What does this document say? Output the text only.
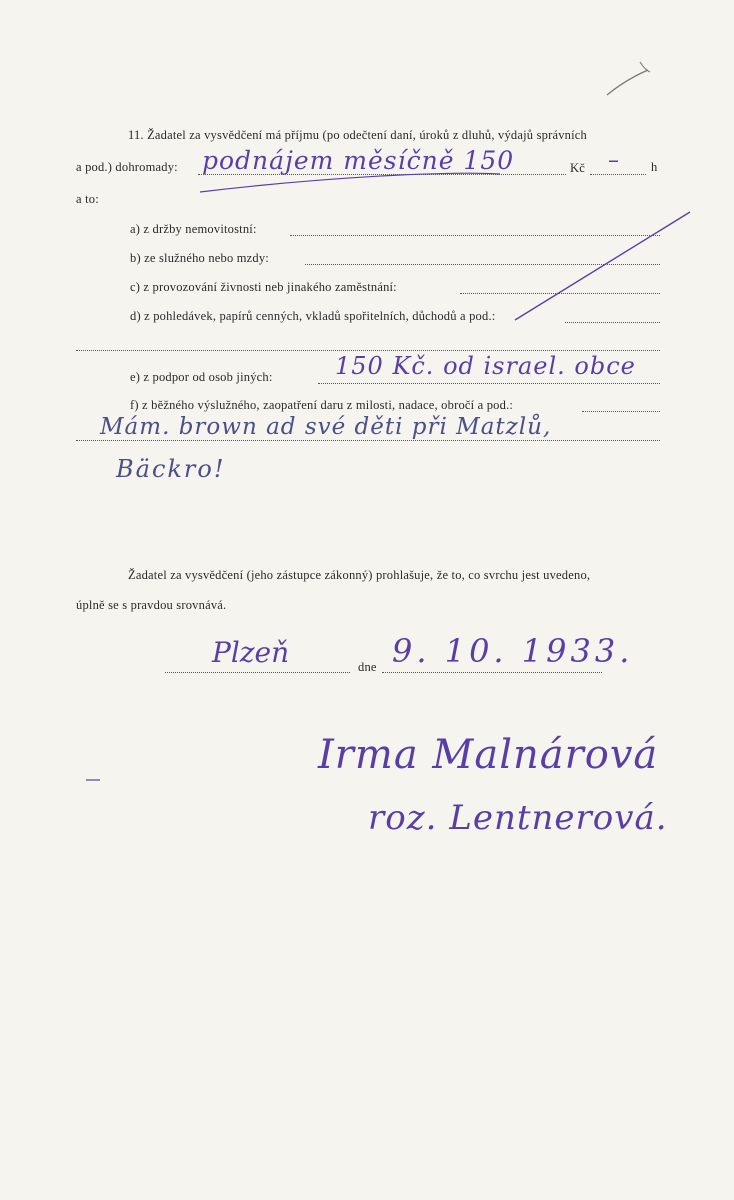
11. Žadatel za vysvědčení má příjmu (po odečtení daní, úroků z dluhů, výdajů správních
a pod.) dohromady: podnájem měsíčně 150	Kč –	h
a to:
a) z držby nemovitostní:
b) ze služného nebo mzdy:
c) z provozování živnosti neb jinakého zaměstnání:
d) z pohledávek, papírů cenných, vkladů spořitelních, důchodů a pod.:
e) z podpor od osob jiných:	150 Kč. od israel. obce
f) z běžného výslužného, zaopatření daru z milosti, nadace, obročí a pod.:
Mám. brown ad své děti při Matzlů,
Bäckro!
Žadatel za vysvědčení (jeho zástupce zákonný) prohlašuje, že to, co svrchu jest uvedeno,
úplně se s pravdou srovnává.
Plzeň	dne 9. 10. 1933.
Irma Malnárová
roz. Lentnerová.
